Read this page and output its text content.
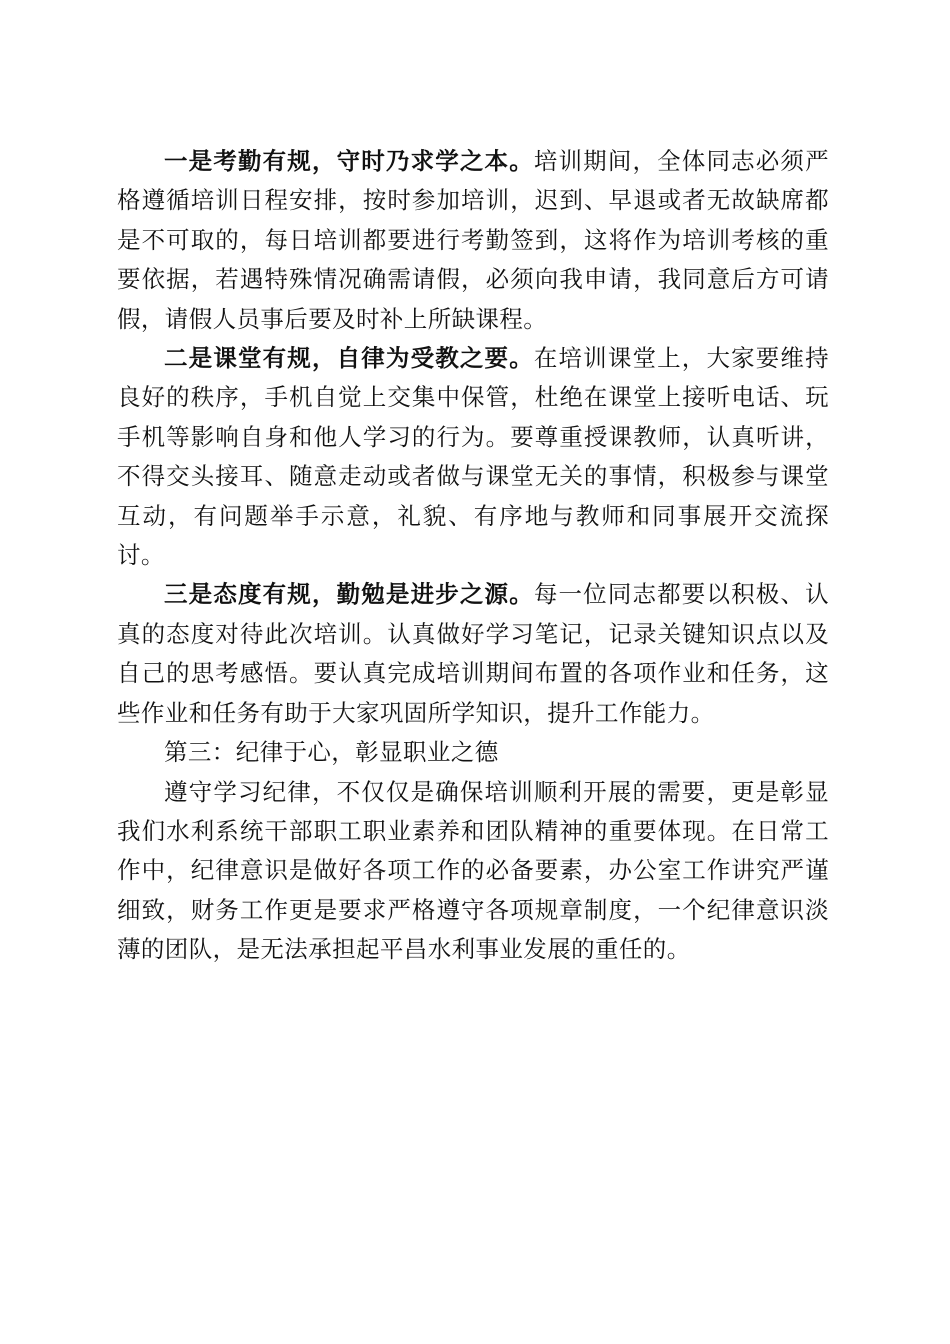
一是考勤有规，守时乃求学之本。培训期间，全体同志必须严格遵循培训日程安排，按时参加培训，迟到、早退或者无故缺席都是不可取的，每日培训都要进行考勤签到，这将作为培训考核的重要依据，若遇特殊情况确需请假，必须向我申请，我同意后方可请假，请假人员事后要及时补上所缺课程。

二是课堂有规，自律为受教之要。在培训课堂上，大家要维持良好的秩序，手机自觉上交集中保管，杜绝在课堂上接听电话、玩手机等影响自身和他人学习的行为。要尊重授课教师，认真听讲，不得交头接耳、随意走动或者做与课堂无关的事情，积极参与课堂互动，有问题举手示意，礼貌、有序地与教师和同事展开交流探讨。

三是态度有规，勤勉是进步之源。每一位同志都要以积极、认真的态度对待此次培训。认真做好学习笔记，记录关键知识点以及自己的思考感悟。要认真完成培训期间布置的各项作业和任务，这些作业和任务有助于大家巩固所学知识，提升工作能力。

第三：纪律于心，彰显职业之德

遵守学习纪律，不仅仅是确保培训顺利开展的需要，更是彰显我们水利系统干部职工职业素养和团队精神的重要体现。在日常工作中，纪律意识是做好各项工作的必备要素，办公室工作讲究严谨细致，财务工作更是要求严格遵守各项规章制度，一个纪律意识淡薄的团队，是无法承担起平昌水利事业发展的重任的。
